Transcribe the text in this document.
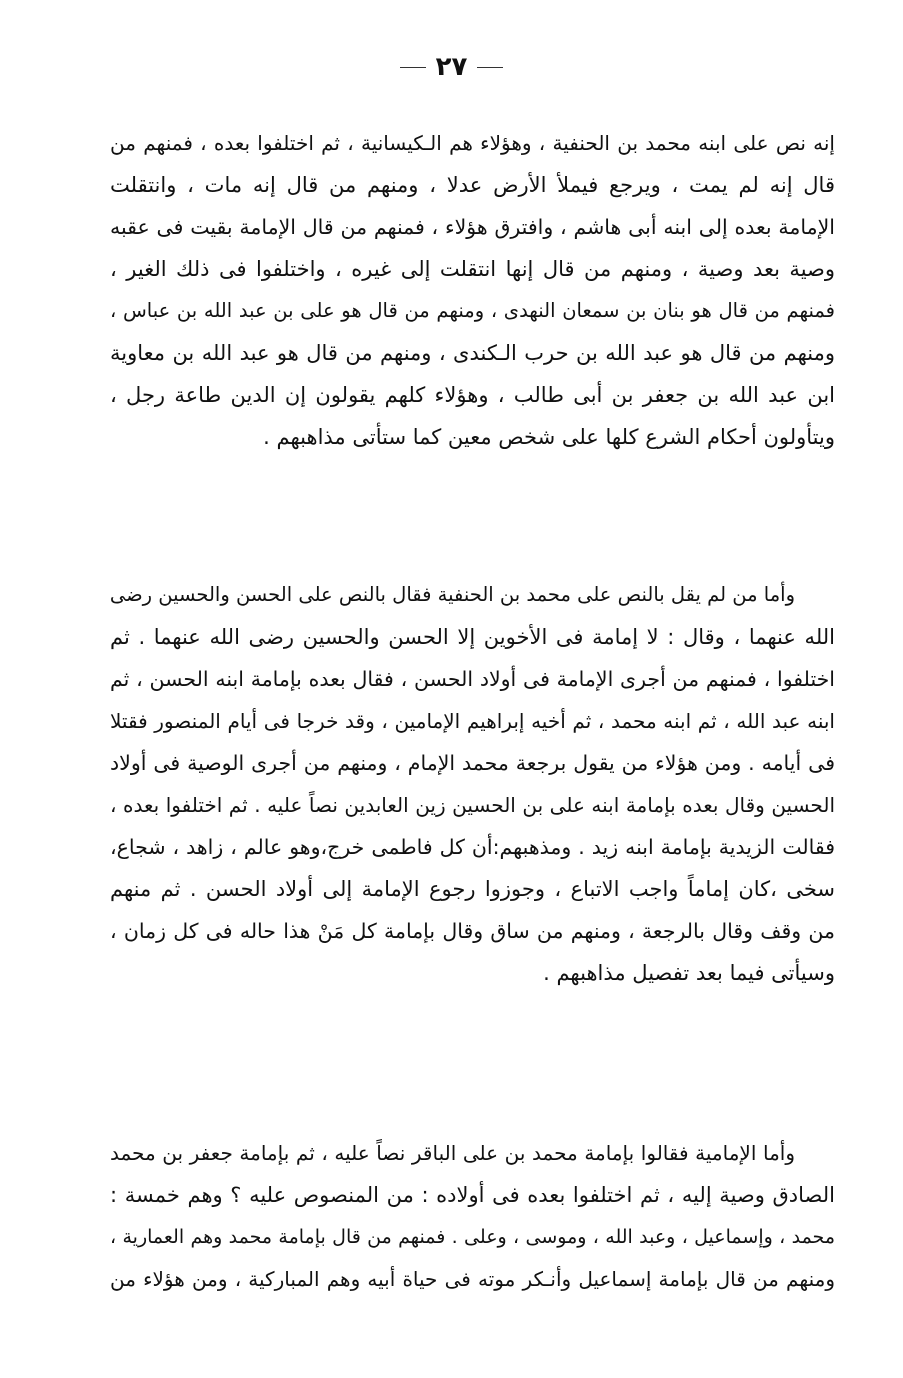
٢٧
إنه نص على ابنه محمد بن الحنفية ، وهؤلاء هم الـكيسانية ، ثم اختلفوا بعده ، فمنهم من
قال إنه لم يمت ، ويرجع فيملأ الأرض عدلا ، ومنهم من قال إنه مات ، وانتقلت
الإمامة بعده إلى ابنه أبى هاشم ، وافترق هؤلاء ، فمنهم من قال الإمامة بقيت فى عقبه
وصية بعد وصية ، ومنهم من قال إنها انتقلت إلى غيره ، واختلفوا فى ذلك الغير ،
فمنهم من قال هو بنان بن سمعان النهدى ، ومنهم من قال هو على بن عبد الله بن عباس ،
ومنهم من قال هو عبد الله بن حرب الـكندى ، ومنهم من قال هو عبد الله بن معاوية
ابن عبد الله بن جعفر بن أبى طالب ، وهؤلاء كلهم يقولون إن الدين طاعة رجل ،
ويتأولون أحكام الشرع كلها على شخص معين كما ستأتى مذاهبهم .
وأما من لم يقل بالنص على محمد بن الحنفية فقال بالنص على الحسن والحسين رضى
الله عنهما ، وقال : لا إمامة فى الأخوين إلا الحسن والحسين رضى الله عنهما . ثم
اختلفوا ، فمنهم من أجرى الإمامة فى أولاد الحسن ، فقال بعده بإمامة ابنه الحسن ، ثم
ابنه عبد الله ، ثم ابنه محمد ، ثم أخيه إبراهيم الإمامين ، وقد خرجا فى أيام المنصور فقتلا
فى أيامه . ومن هؤلاء من يقول برجعة محمد الإمام ، ومنهم من أجرى الوصية فى أولاد
الحسين وقال بعده بإمامة ابنه على بن الحسين زين العابدين نصاً عليه . ثم اختلفوا بعده ،
فقالت الزيدية بإمامة ابنه زيد . ومذهبهم:أن كل فاطمى خرج،وهو عالم ، زاهد ، شجاع،
سخى ،كان إماماً واجب الاتباع ، وجوزوا رجوع الإمامة إلى أولاد الحسن . ثم منهم
من وقف وقال بالرجعة ، ومنهم من ساق وقال بإمامة كل مَنْ هذا حاله فى كل زمان ،
وسيأتى فيما بعد تفصيل مذاهبهم .
وأما الإمامية فقالوا بإمامة محمد بن على الباقر نصاً عليه ، ثم بإمامة جعفر بن محمد
الصادق وصية إليه ، ثم اختلفوا بعده فى أولاده : من المنصوص عليه ؟ وهم خمسة :
محمد ، وإسماعيل ، وعبد الله ، وموسى ، وعلى . فمنهم من قال بإمامة محمد وهم العمارية ،
ومنهم من قال بإمامة إسماعيل وأنـكر موته فى حياة أبيه وهم المباركية ، ومن هؤلاء من
